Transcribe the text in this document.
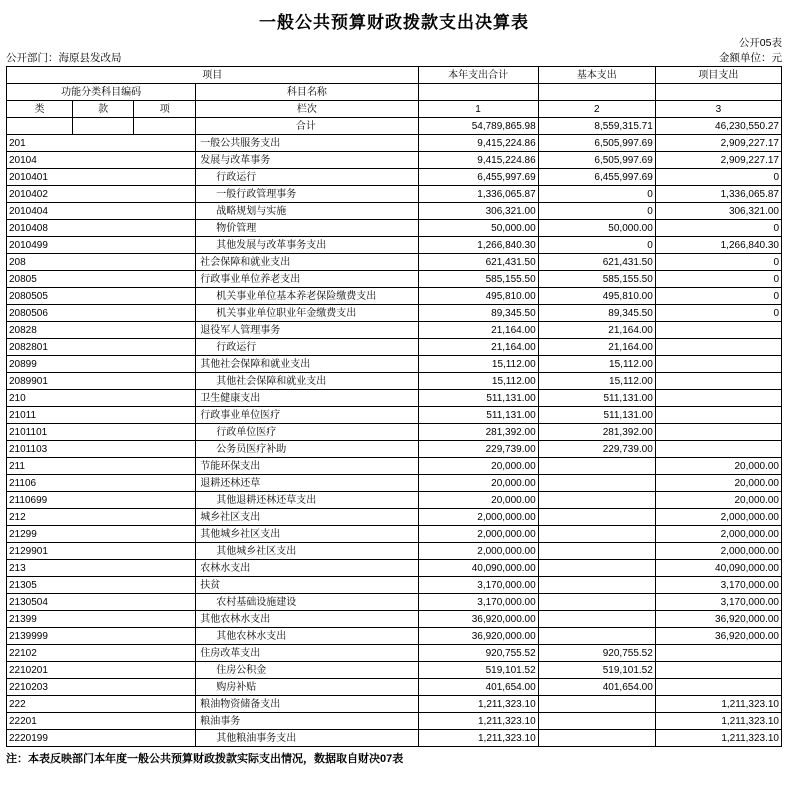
一般公共预算财政拨款支出决算表
公开05表
公开部门：海原县发改局	金额单位：元
项目				本年支出合计	基本支出	项目支出
功能分类科目编码			科目名称			
类	款	项	栏次	1	2	3
			合计	54,789,865.98	8,559,315.71	46,230,550.27
201			一般公共服务支出	9,415,224.86	6,505,997.69	2,909,227.17
20104			发展与改革事务	9,415,224.86	6,505,997.69	2,909,227.17
2010401			行政运行	6,455,997.69	6,455,997.69	0
2010402			一般行政管理事务	1,336,065.87	0	1,336,065.87
2010404			战略规划与实施	306,321.00	0	306,321.00
2010408			物价管理	50,000.00	50,000.00	0
2010499			其他发展与改革事务支出	1,266,840.30	0	1,266,840.30
208			社会保障和就业支出	621,431.50	621,431.50	0
20805			行政事业单位养老支出	585,155.50	585,155.50	0
2080505			机关事业单位基本养老保险缴费支出	495,810.00	495,810.00	0
2080506			机关事业单位职业年金缴费支出	89,345.50	89,345.50	0
20828			退役军人管理事务	21,164.00	21,164.00	
2082801			行政运行	21,164.00	21,164.00	
20899			其他社会保障和就业支出	15,112.00	15,112.00	
2089901			其他社会保障和就业支出	15,112.00	15,112.00	
210			卫生健康支出	511,131.00	511,131.00	
21011			行政事业单位医疗	511,131.00	511,131.00	
2101101			行政单位医疗	281,392.00	281,392.00	
2101103			公务员医疗补助	229,739.00	229,739.00	
211			节能环保支出	20,000.00		20,000.00
21106			退耕还林还草	20,000.00		20,000.00
2110699			其他退耕还林还草支出	20,000.00		20,000.00
212			城乡社区支出	2,000,000.00		2,000,000.00
21299			其他城乡社区支出	2,000,000.00		2,000,000.00
2129901			其他城乡社区支出	2,000,000.00		2,000,000.00
213			农林水支出	40,090,000.00		40,090,000.00
21305			扶贫	3,170,000.00		3,170,000.00
2130504			农村基础设施建设	3,170,000.00		3,170,000.00
21399			其他农林水支出	36,920,000.00		36,920,000.00
2139999			其他农林水支出	36,920,000.00		36,920,000.00
22102			住房改革支出	920,755.52	920,755.52	
2210201			住房公积金	519,101.52	519,101.52	
2210203			购房补贴	401,654.00	401,654.00	
222			粮油物资储备支出	1,211,323.10		1,211,323.10
22201			粮油事务	1,211,323.10		1,211,323.10
2220199			其他粮油事务支出	1,211,323.10		1,211,323.10
注：本表反映部门本年度一般公共预算财政拨款实际支出情况，数据取自财决07表
